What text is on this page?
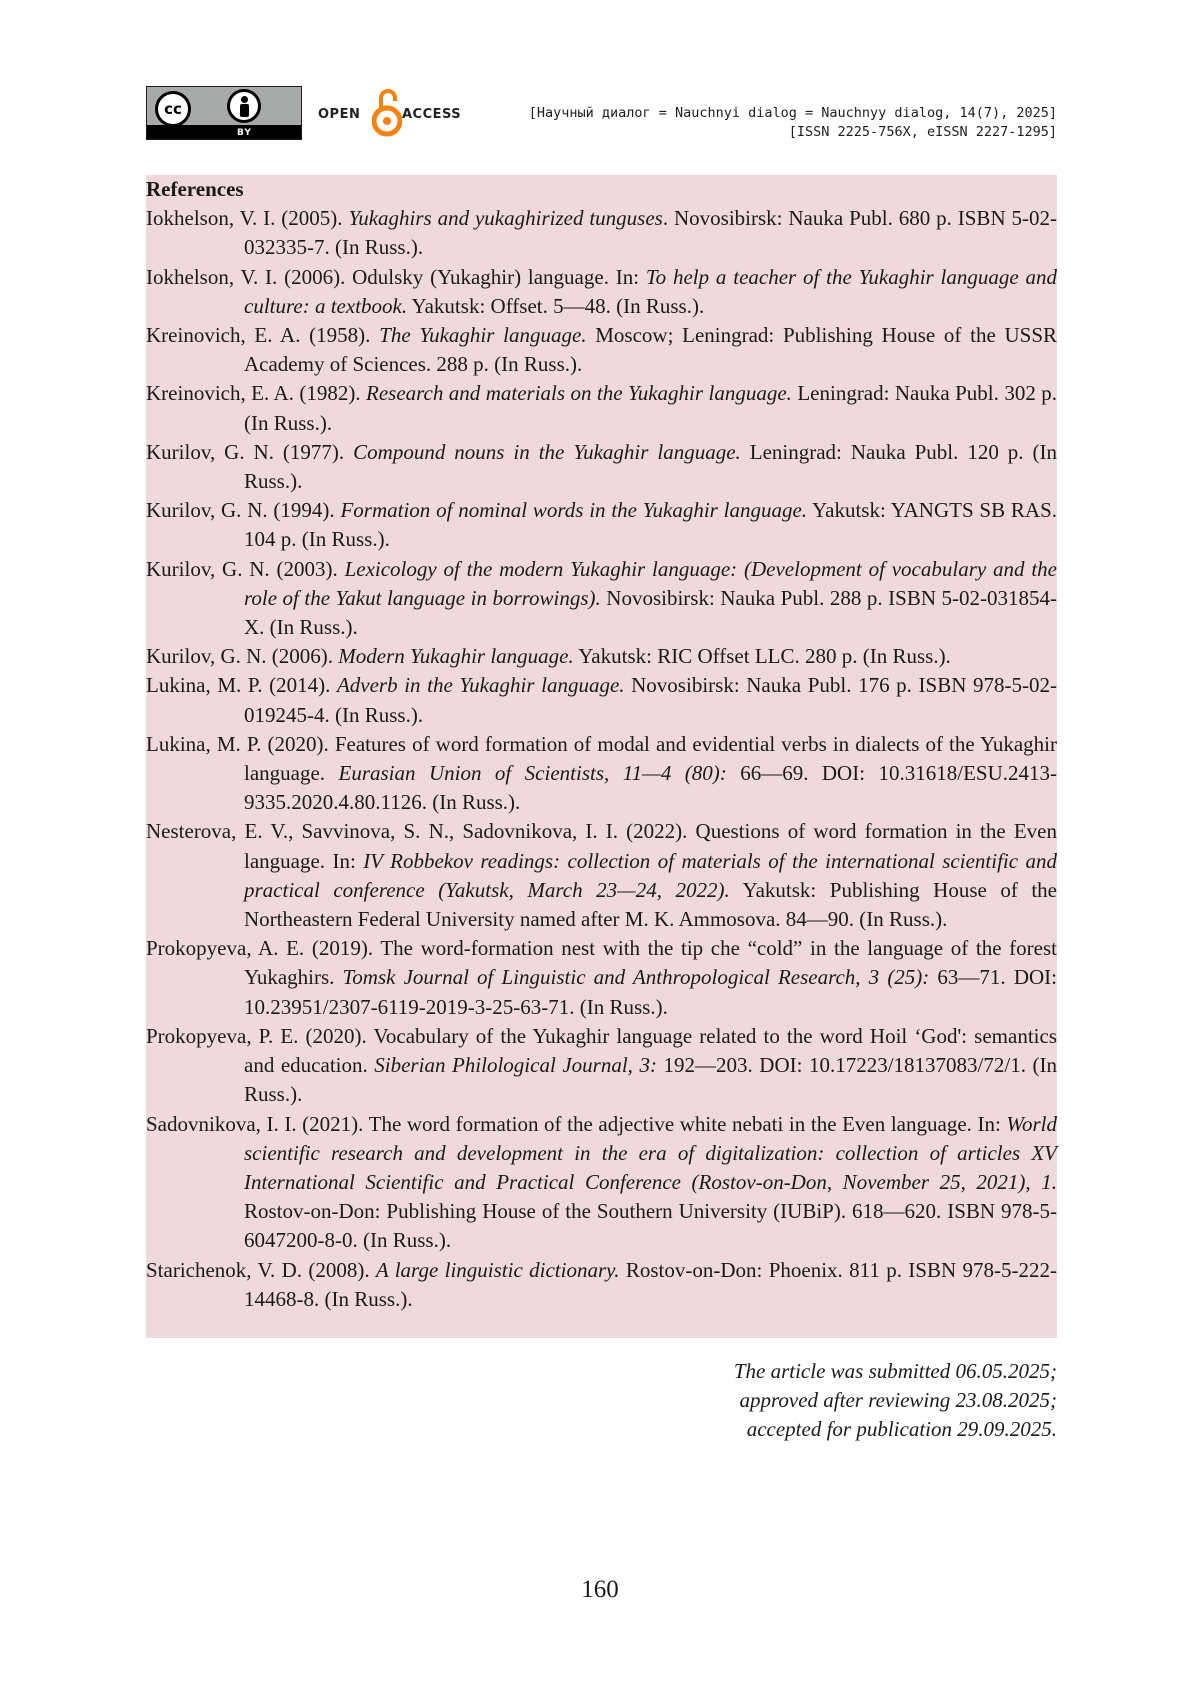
cc
BY
OPEN	ACCESS	[Научный диалог = Nauchnyi dialog = Nauchnyy dialog, 14(7), 2025]
[ISSN 2225-756X, eISSN 2227-1295]
References

Iokhelson, V. I. (2005). Yukaghirs and yukaghirized tunguses. Novosibirsk: Nauka Publ. 680 p. ISBN 5-02-032335-7. (In Russ.).

Iokhelson, V. I. (2006). Odulsky (Yukaghir) language. In: To help a teacher of the Yukaghir language and culture: a textbook. Yakutsk: Offset. 5—48. (In Russ.).

Kreinovich, E. A. (1958). The Yukaghir language. Moscow; Leningrad: Publishing House of the USSR Academy of Sciences. 288 p. (In Russ.).

Kreinovich, E. A. (1982). Research and materials on the Yukaghir language. Leningrad: Nauka Publ. 302 p. (In Russ.).

Kurilov, G. N. (1977). Compound nouns in the Yukaghir language. Leningrad: Nauka Publ. 120 p. (In Russ.).

Kurilov, G. N. (1994). Formation of nominal words in the Yukaghir language. Yakutsk: YANGTS SB RAS. 104 p. (In Russ.).

Kurilov, G. N. (2003). Lexicology of the modern Yukaghir language: (Development of vocabulary and the role of the Yakut language in borrowings). Novosibirsk: Nauka Publ. 288 p. ISBN 5-02-031854-X. (In Russ.).

Kurilov, G. N. (2006). Modern Yukaghir language. Yakutsk: RIC Offset LLC. 280 p. (In Russ.).

Lukina, M. P. (2014). Adverb in the Yukaghir language. Novosibirsk: Nauka Publ. 176 p. ISBN 978-5-02-019245-4. (In Russ.).

Lukina, M. P. (2020). Features of word formation of modal and evidential verbs in dialects of the Yukaghir language. Eurasian Union of Scientists, 11—4 (80): 66—69. DOI: 10.31618/ESU.2413-9335.2020.4.80.1126. (In Russ.).

Nesterova, E. V., Savvinova, S. N., Sadovnikova, I. I. (2022). Questions of word formation in the Even language. In: IV Robbekov readings: collection of materials of the international scientific and practical conference (Yakutsk, March 23—24, 2022). Yakutsk: Publishing House of the Northeastern Federal University named after M. K. Ammosova. 84—90. (In Russ.).

Prokopyeva, A. E. (2019). The word-formation nest with the tip che “cold” in the language of the forest Yukaghirs. Tomsk Journal of Linguistic and Anthropological Research, 3 (25): 63—71. DOI: 10.23951/2307-6119-2019-3-25-63-71. (In Russ.).

Prokopyeva, P. E. (2020). Vocabulary of the Yukaghir language related to the word Hoil ‘God': semantics and education. Siberian Philological Journal, 3: 192—203. DOI: 10.17223/18137083/72/1. (In Russ.).

Sadovnikova, I. I. (2021). The word formation of the adjective white nebati in the Even language. In: World scientific research and development in the era of digitalization: collection of articles XV International Scientific and Practical Conference (Rostov-on-Don, November 25, 2021), 1. Rostov-on-Don: Publishing House of the Southern University (IUBiP). 618—620. ISBN 978-5-6047200-8-0. (In Russ.).

Starichenok, V. D. (2008). A large linguistic dictionary. Rostov-on-Don: Phoenix. 811 p. ISBN 978-5-222-14468-8. (In Russ.).

The article was submitted 06.05.2025;
approved after reviewing 23.08.2025;
accepted for publication 29.09.2025.
160
